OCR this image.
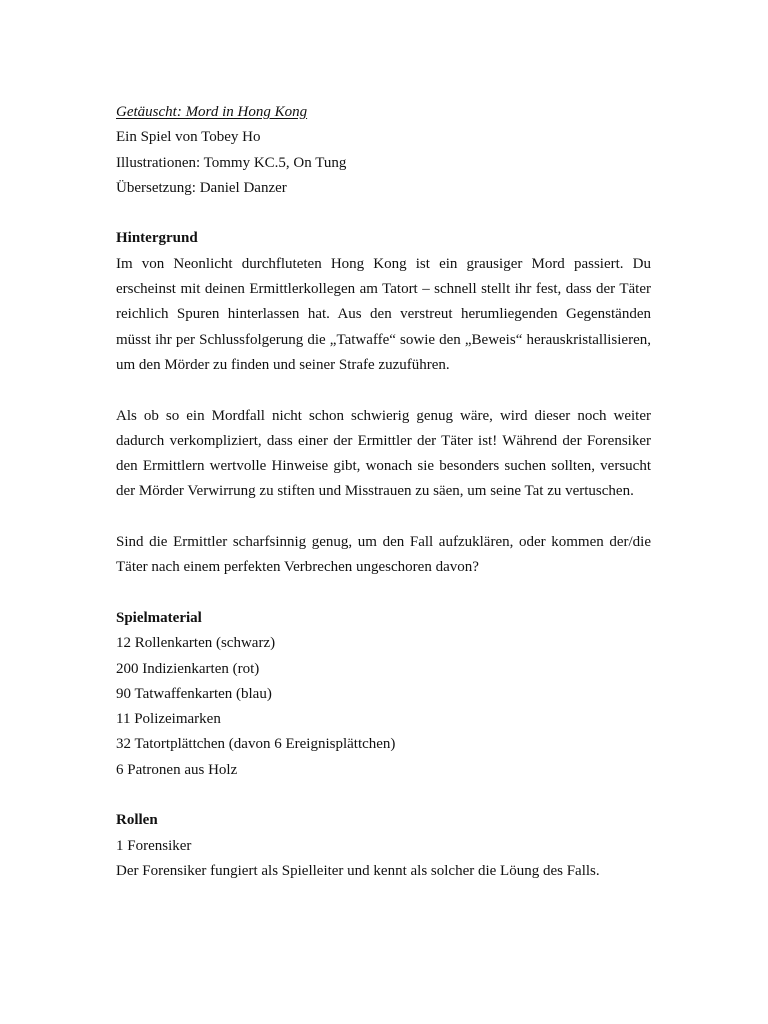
Getäuscht: Mord in Hong Kong
Ein Spiel von Tobey Ho
Illustrationen: Tommy KC.5, On Tung
Übersetzung: Daniel Danzer
Hintergrund

Im von Neonlicht durchfluteten Hong Kong ist ein grausiger Mord passiert. Du erscheinst mit deinen Ermittlerkollegen am Tatort – schnell stellt ihr fest, dass der Täter reichlich Spuren hinterlassen hat. Aus den verstreut herumliegenden Gegenständen müsst ihr per Schlussfolgerung die „Tatwaffe“ sowie den „Beweis“ herauskristallisieren, um den Mörder zu finden und seiner Strafe zuzuführen.

Als ob so ein Mordfall nicht schon schwierig genug wäre, wird dieser noch weiter dadurch verkompliziert, dass einer der Ermittler der Täter ist! Während der Forensiker den Ermittlern wertvolle Hinweise gibt, wonach sie besonders suchen sollten, versucht der Mörder Verwirrung zu stiften und Misstrauen zu säen, um seine Tat zu vertuschen.

Sind die Ermittler scharfsinnig genug, um den Fall aufzuklären, oder kommen der/die Täter nach einem perfekten Verbrechen ungeschoren davon?

Spielmaterial
12 Rollenkarten (schwarz)
200 Indizienkarten (rot)
90 Tatwaffenkarten (blau)
11 Polizeimarken
32 Tatortplättchen (davon 6 Ereignisplättchen)
6 Patronen aus Holz
Rollen
1 Forensiker

Der Forensiker fungiert als Spielleiter und kennt als solcher die Löung des Falls.
